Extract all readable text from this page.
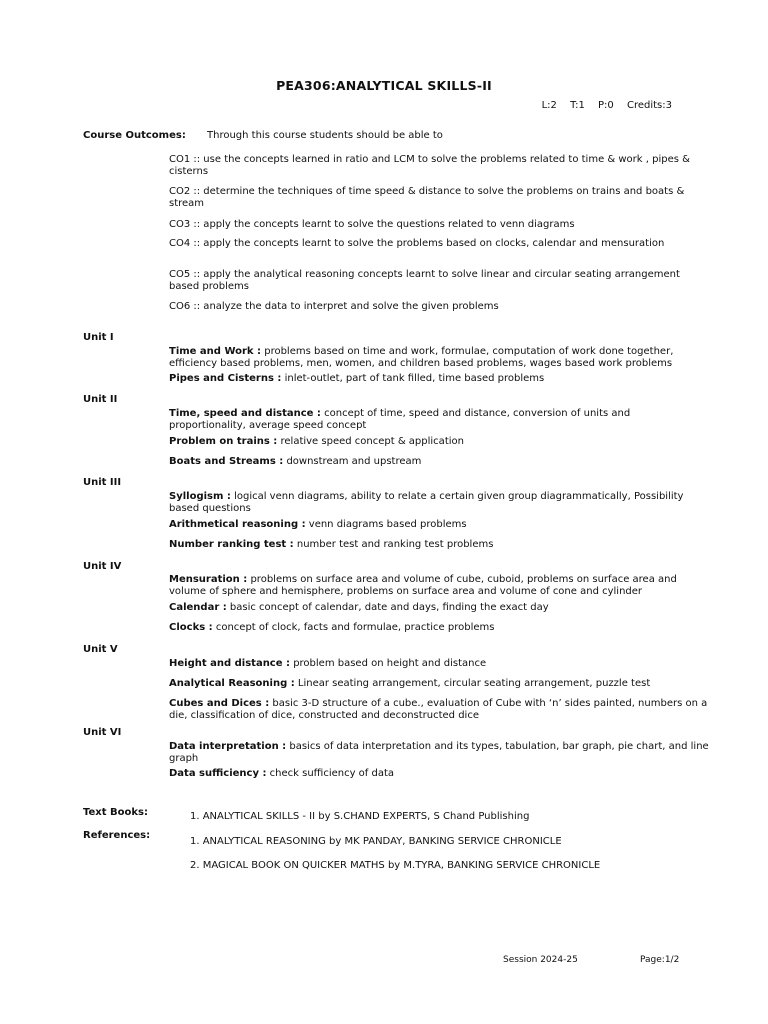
PEA306:ANALYTICAL SKILLS-II
L:2 T:1 P:0 Credits:3
Course Outcomes: Through this course students should be able to
CO1 :: use the concepts learned in ratio and LCM to solve the problems related to time & work , pipes & cisterns
CO2 :: determine the techniques of time speed & distance to solve the problems on trains and boats & stream
CO3 :: apply the concepts learnt to solve the questions related to venn diagrams
CO4 :: apply the concepts learnt to solve the problems based on clocks, calendar and mensuration
CO5 :: apply the analytical reasoning concepts learnt to solve linear and circular seating arrangement based problems
CO6 :: analyze the data to interpret and solve the given problems
Unit I
Time and Work : problems based on time and work, formulae, computation of work done together, efficiency based problems, men, women, and children based problems, wages based work problems
Pipes and Cisterns : inlet-outlet, part of tank filled, time based problems
Unit II
Time, speed and distance : concept of time, speed and distance, conversion of units and proportionality, average speed concept
Problem on trains : relative speed concept & application
Boats and Streams : downstream and upstream
Unit III
Syllogism : logical venn diagrams, ability to relate a certain given group diagrammatically, Possibility based questions
Arithmetical reasoning : venn diagrams based problems
Number ranking test : number test and ranking test problems
Unit IV
Mensuration : problems on surface area and volume of cube, cuboid, problems on surface area and volume of sphere and hemisphere, problems on surface area and volume of cone and cylinder
Calendar : basic concept of calendar, date and days, finding the exact day
Clocks : concept of clock, facts and formulae, practice problems
Unit V
Height and distance : problem based on height and distance
Analytical Reasoning : Linear seating arrangement, circular seating arrangement, puzzle test
Cubes and Dices : basic 3-D structure of a cube., evaluation of Cube with ‘n’ sides painted, numbers on a die, classification of dice, constructed and deconstructed dice
Unit VI
Data interpretation : basics of data interpretation and its types, tabulation, bar graph, pie chart, and line graph
Data sufficiency : check sufficiency of data
Text Books:	1. ANALYTICAL SKILLS - II by S.CHAND EXPERTS, S Chand Publishing
References:
1. ANALYTICAL REASONING by MK PANDAY, BANKING SERVICE CHRONICLE
2. MAGICAL BOOK ON QUICKER MATHS by M.TYRA, BANKING SERVICE CHRONICLE
Session 2024-25	Page:1/2
